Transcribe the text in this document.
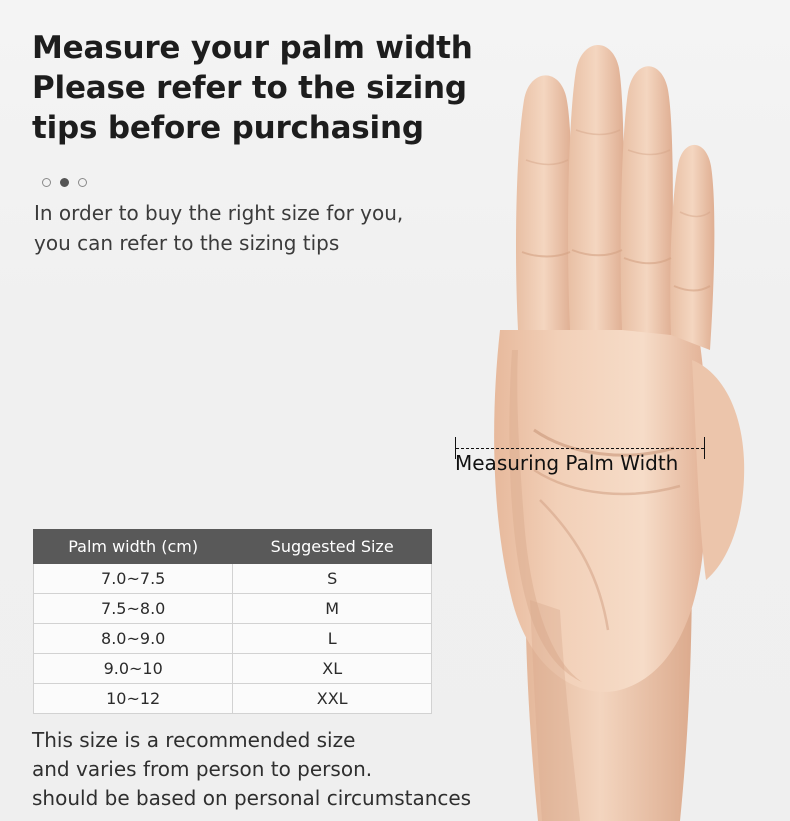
Measure your palm width
Please refer to the sizing
tips before purchasing
In order to buy the right size for you,
you can refer to the sizing tips
Measuring Palm Width
Palm width (cm)	Suggested Size
7.0~7.5	S
7.5~8.0	M
8.0~9.0	L
9.0~10	XL
10~12	XXL
This size is a recommended size
and varies from person to person.
should be based on personal circumstances
